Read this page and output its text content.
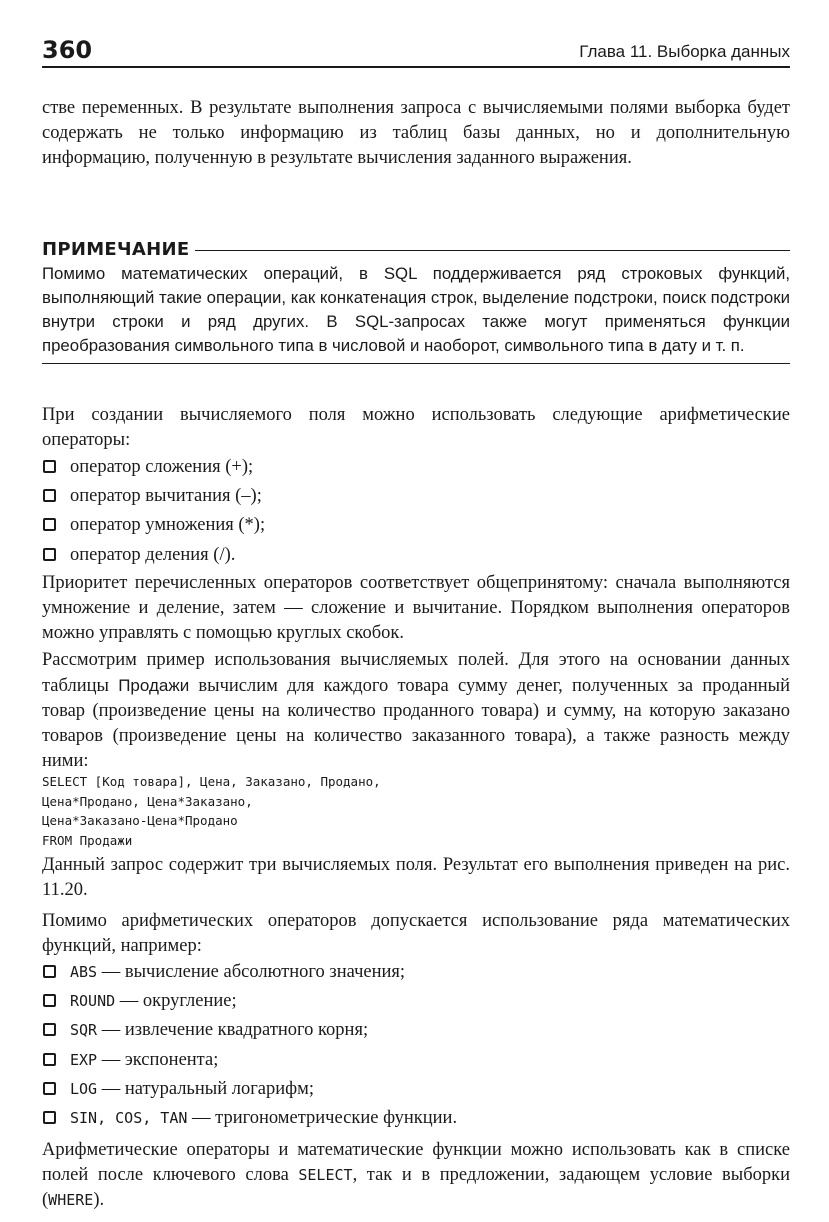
360	Глава 11. Выборка данных

стве переменных. В результате выполнения запроса с вычисляемыми полями выборка будет содержать не только информацию из таблиц базы данных, но и дополнительную информацию, полученную в результате вычисления заданного выражения.

ПРИМЕЧАНИЕ

Помимо математических операций, в SQL поддерживается ряд строковых функций, выполняющий такие операции, как конкатенация строк, выделение подстроки, поиск подстроки внутри строки и ряд других. В SQL-запросах также могут применяться функции преобразования символьного типа в числовой и наоборот, символьного типа в дату и т. п.

При создании вычисляемого поля можно использовать следующие арифметические операторы:

оператор сложения (+);
оператор вычитания (–);
оператор умножения (*);
оператор деления (/).

Приоритет перечисленных операторов соответствует общепринятому: сначала выполняются умножение и деление, затем — сложение и вычитание. Порядком выполнения операторов можно управлять с помощью круглых скобок.

Рассмотрим пример использования вычисляемых полей. Для этого на основании данных таблицы Продажи вычислим для каждого товара сумму денег, полученных за проданный товар (произведение цены на количество проданного товара) и сумму, на которую заказано товаров (произведение цены на количество заказанного товара), а также разность между ними:

SELECT [Код товара], Цена, Заказано, Продано,
Цена*Продано, Цена*Заказано,
Цена*Заказано-Цена*Продано
FROM Продажи

Данный запрос содержит три вычисляемых поля. Результат его выполнения приведен на рис. 11.20.

Помимо арифметических операторов допускается использование ряда математических функций, например:

ABS — вычисление абсолютного значения;
ROUND — округление;
SQR — извлечение квадратного корня;
EXP — экспонента;
LOG — натуральный логарифм;
SIN, COS, TAN — тригонометрические функции.

Арифметические операторы и математические функции можно использовать как в списке полей после ключевого слова SELECT, так и в предложении, задающем условие выборки (WHERE).
